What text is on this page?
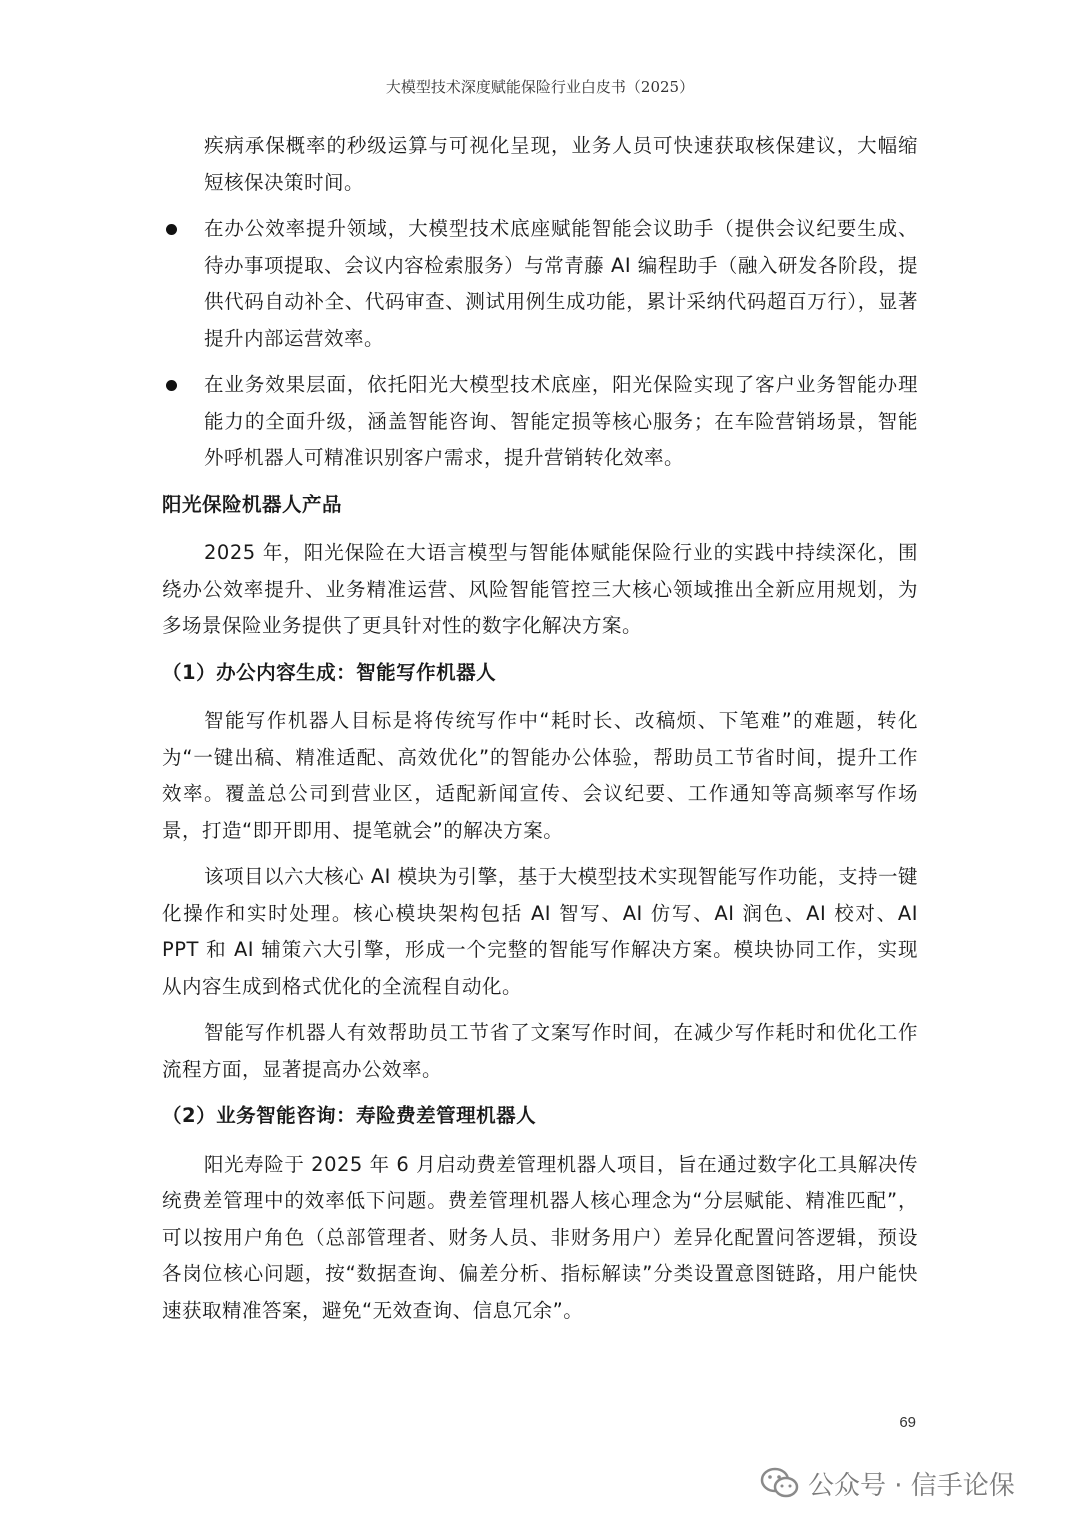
大模型技术深度赋能保险行业白皮书（2025）

疾病承保概率的秒级运算与可视化呈现，业务人员可快速获取核保建议，大幅缩短核保决策时间。

在办公效率提升领域，大模型技术底座赋能智能会议助手（提供会议纪要生成、待办事项提取、会议内容检索服务）与常青藤 AI 编程助手（融入研发各阶段，提供代码自动补全、代码审查、测试用例生成功能，累计采纳代码超百万行），显著提升内部运营效率。
在业务效果层面，依托阳光大模型技术底座，阳光保险实现了客户业务智能办理能力的全面升级，涵盖智能咨询、智能定损等核心服务；在车险营销场景，智能外呼机器人可精准识别客户需求，提升营销转化效率。

阳光保险机器人产品

2025 年，阳光保险在大语言模型与智能体赋能保险行业的实践中持续深化，围绕办公效率提升、业务精准运营、风险智能管控三大核心领域推出全新应用规划，为多场景保险业务提供了更具针对性的数字化解决方案。

（1）办公内容生成：智能写作机器人

智能写作机器人目标是将传统写作中“耗时长、改稿烦、下笔难”的难题，转化为“一键出稿、精准适配、高效优化”的智能办公体验，帮助员工节省时间，提升工作效率。覆盖总公司到营业区，适配新闻宣传、会议纪要、工作通知等高频率写作场景，打造“即开即用、提笔就会”的解决方案。

该项目以六大核心 AI 模块为引擎，基于大模型技术实现智能写作功能，支持一键化操作和实时处理。核心模块架构包括 AI 智写、AI 仿写、AI 润色、AI 校对、AI PPT 和 AI 辅策六大引擎，形成一个完整的智能写作解决方案。模块协同工作，实现从内容生成到格式优化的全流程自动化。

智能写作机器人有效帮助员工节省了文案写作时间，在减少写作耗时和优化工作流程方面，显著提高办公效率。

（2）业务智能咨询：寿险费差管理机器人

阳光寿险于 2025 年 6 月启动费差管理机器人项目，旨在通过数字化工具解决传统费差管理中的效率低下问题。费差管理机器人核心理念为“分层赋能、精准匹配”，可以按用户角色（总部管理者、财务人员、非财务用户）差异化配置问答逻辑，预设各岗位核心问题，按“数据查询、偏差分析、指标解读”分类设置意图链路，用户能快速获取精准答案，避免“无效查询、信息冗余”。

69
公众号 · 信手论保
